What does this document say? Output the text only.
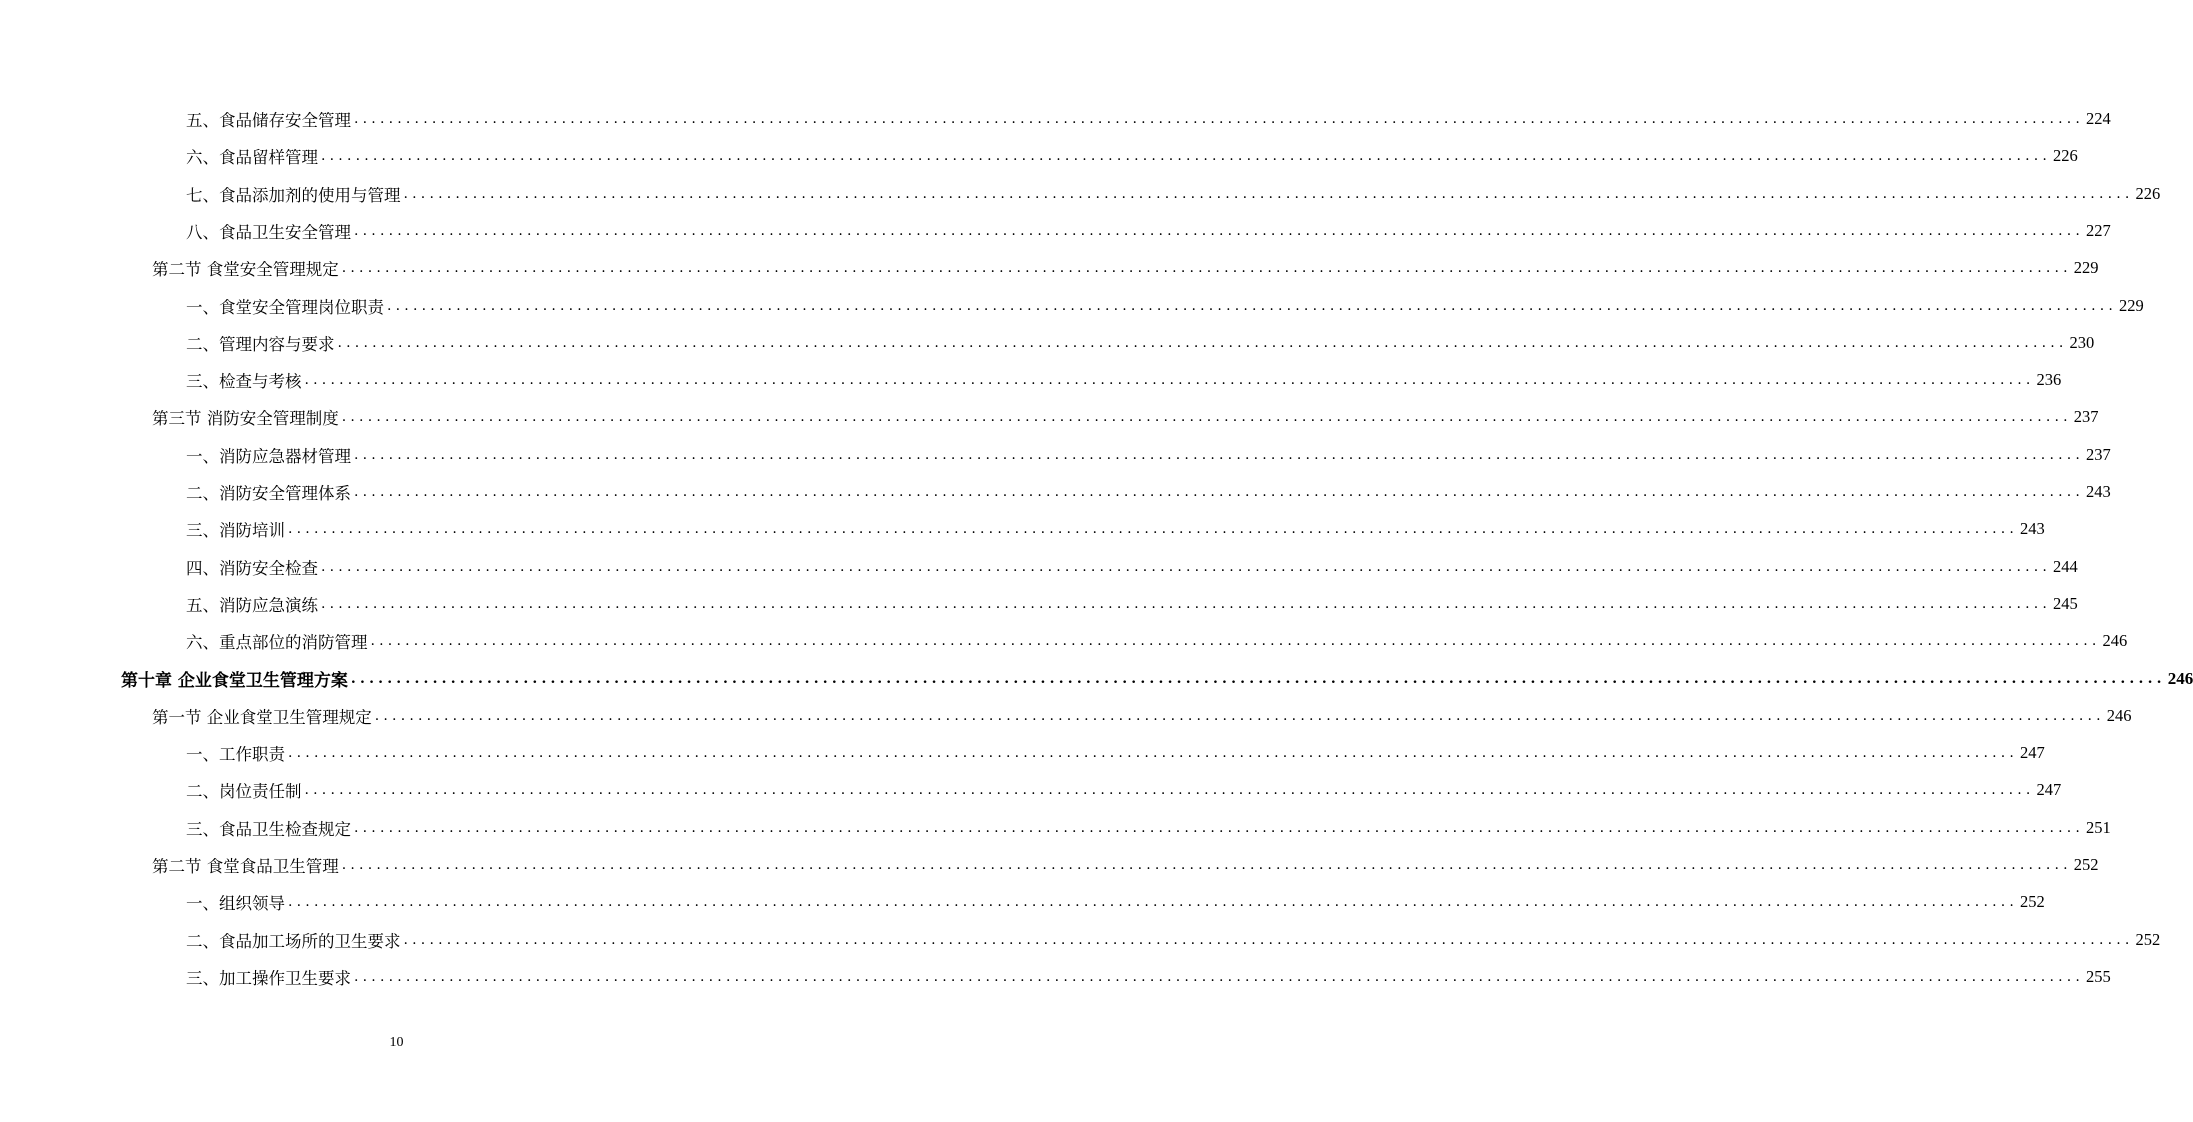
五、食品储存安全管理 ........................................................................................................................................................................................................ 224
六、食品留样管理 ........................................................................................................................................................................................................ 226
七、食品添加剂的使用与管理 ........................................................................................................................................................................................................ 226
八、食品卫生安全管理 ........................................................................................................................................................................................................ 227
第二节 食堂安全管理规定 ........................................................................................................................................................................................................ 229
一、食堂安全管理岗位职责 ........................................................................................................................................................................................................ 229
二、管理内容与要求 ........................................................................................................................................................................................................ 230
三、检查与考核 ........................................................................................................................................................................................................ 236
第三节 消防安全管理制度 ........................................................................................................................................................................................................ 237
一、消防应急器材管理 ........................................................................................................................................................................................................ 237
二、消防安全管理体系 ........................................................................................................................................................................................................ 243
三、消防培训 ........................................................................................................................................................................................................ 243
四、消防安全检查 ........................................................................................................................................................................................................ 244
五、消防应急演练 ........................................................................................................................................................................................................ 245
六、重点部位的消防管理 ........................................................................................................................................................................................................ 246
第十章 企业食堂卫生管理方案 ........................................................................................................................................................................................................ 246
第一节 企业食堂卫生管理规定 ........................................................................................................................................................................................................ 246
一、工作职责 ........................................................................................................................................................................................................ 247
二、岗位责任制 ........................................................................................................................................................................................................ 247
三、食品卫生检查规定 ........................................................................................................................................................................................................ 251
第二节 食堂食品卫生管理 ........................................................................................................................................................................................................ 252
一、组织领导 ........................................................................................................................................................................................................ 252
二、食品加工场所的卫生要求 ........................................................................................................................................................................................................ 252
三、加工操作卫生要求 ........................................................................................................................................................................................................ 255
10
